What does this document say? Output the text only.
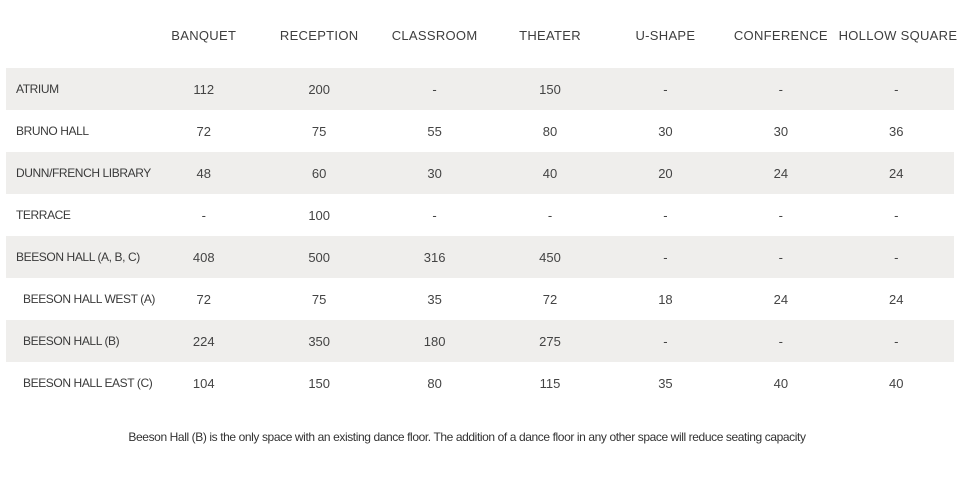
	BANQUET	RECEPTION	CLASSROOM	THEATER	U-SHAPE	CONFERENCE	HOLLOW SQUARE
ATRIUM	112	200	-	150	-	-	-
BRUNO HALL	72	75	55	80	30	30	36
DUNN/FRENCH LIBRARY	48	60	30	40	20	24	24
TERRACE	-	100	-	-	-	-	-
BEESON HALL (A, B, C)	408	500	316	450	-	-	-
BEESON HALL WEST (A)	72	75	35	72	18	24	24
BEESON HALL (B)	224	350	180	275	-	-	-
BEESON HALL EAST (C)	104	150	80	115	35	40	40
Beeson Hall (B) is the only space with an existing dance floor. The addition of a dance floor in any other space will reduce seating capacity
